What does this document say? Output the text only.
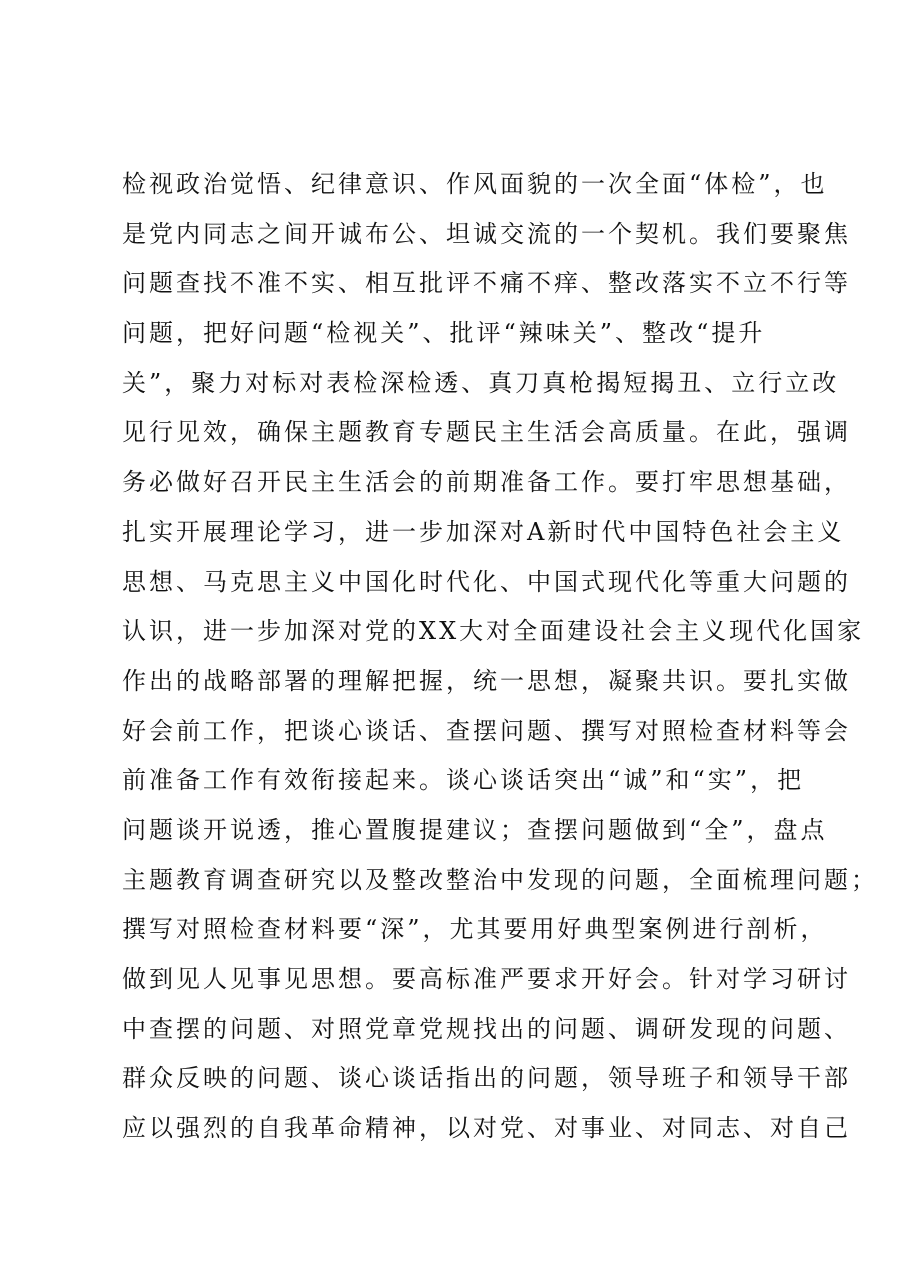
检视政治觉悟、纪律意识、作风面貌的一次全面“体检”，也
是党内同志之间开诚布公、坦诚交流的一个契机。我们要聚焦
问题查找不准不实、相互批评不痛不痒、整改落实不立不行等
问题，把好问题“检视关”、批评“辣味关”、整改“提升
关”，聚力对标对表检深检透、真刀真枪揭短揭丑、立行立改
见行见效，确保主题教育专题民主生活会高质量。在此，强调
务必做好召开民主生活会的前期准备工作。要打牢思想基础，
扎实开展理论学习，进一步加深对A新时代中国特色社会主义
思想、马克思主义中国化时代化、中国式现代化等重大问题的
认识，进一步加深对党的XX大对全面建设社会主义现代化国家
作出的战略部署的理解把握，统一思想，凝聚共识。要扎实做
好会前工作，把谈心谈话、查摆问题、撰写对照检查材料等会
前准备工作有效衔接起来。谈心谈话突出“诚”和“实”，把
问题谈开说透，推心置腹提建议；查摆问题做到“全”，盘点
主题教育调查研究以及整改整治中发现的问题，全面梳理问题；
撰写对照检查材料要“深”，尤其要用好典型案例进行剖析，
做到见人见事见思想。要高标准严要求开好会。针对学习研讨
中查摆的问题、对照党章党规找出的问题、调研发现的问题、
群众反映的问题、谈心谈话指出的问题，领导班子和领导干部
应以强烈的自我革命精神，以对党、对事业、对同志、对自己
